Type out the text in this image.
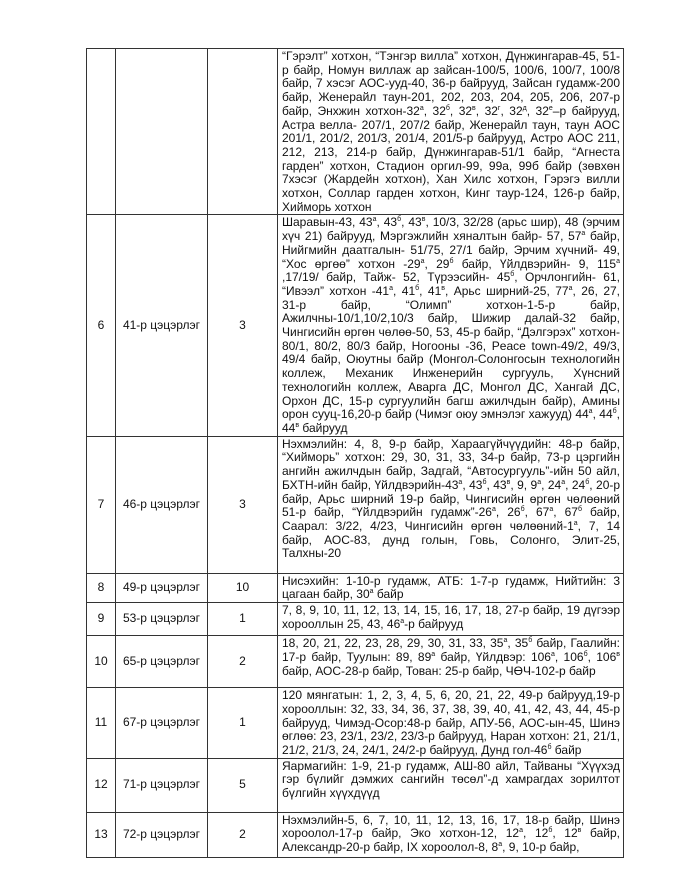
			“Гэрэлт” хотхон, “Тэнгэр вилла” хотхон, Дүнжингарав-45, 51-р байр, Номун виллаж ар зайсан-100/5, 100/6, 100/7, 100/8 байр, 7 хэсэг АОС-ууд-40, 36-р байрууд, Зайсан гудамж-200 байр, Женерайл таун-201, 202, 203, 204, 205, 206, 207-р байр, Энхжин хотхон-$32^а$, $32^б$, $32^в$, $32^г$, $32^д$, $32^е-р$ байрууд, Астра велла- 207/1, 207/2 байр, Женерайл таун, таун АОС 201/1, 201/2, 201/3, 201/4, 201/5-р байрууд, Астро АОС 211, 212, 213, 214-р байр, Дүнжингарав-51/1 байр, “Агнеста гарден” хотхон, Стадион оргил-99, 99а, 99б байр (зөвхөн 7хэсэг (Жардейн хотхон), Хан Хилс хотхон, Гэрэгэ вилли хотхон, Соллар гарден хотхон, Кинг таур-124, 126-р байр, Хийморь хотхон
6	41-р цэцэрлэг	3	Шаравын-43, $43^а$, $43^б$, $43^в$, 10/3, 32/28 (арьс шир), 48 (эрчим хүч 21) байрууд, Мэргэжлийн хяналтын байр- 57, $57^а$ байр, Нийгмийн даатгалын- 51/75, 27/1 байр, Эрчим хүчний- 49, “Хос өргөө” хотхон $-29^а$, $29^б$ байр, Үйлдвэрийн- 9, $115^а$ ,17/19/ байр, Тайж- 52, Түрээсийн- $45^б$, Орчлонгийн- 61, “Ивээл” хотхон $-41^а$, $41^б$, $41^в$, Арьс ширний-25, $77^а$, 26, 27, 31-р байр, “Олимп” хотхон-1-5-р байр, Ажилчны-10/1,10/2,10/3 байр, Шижир далай-32 байр, Чингисийн өргөн чөлөө-50, 53, 45-р байр, “Дэлгэрэх” хотхон- 80/1, 80/2, 80/3 байр, Ногооны -36, Peace town-49/2, 49/3, 49/4 байр, Оюутны байр (Монгол-Солонгосын технологийн коллеж, Механик Инженерийн сургууль, Хүнсний технологийн коллеж, Аварга ДС, Монгол ДС, Хангай ДС, Орхон ДС, 15-р сургуулийн багш ажилчдын байр), Амины орон сууц-16,20-р байр (Чимэг оюу эмнэлэг хажууд) $44^а$, $44^б$, $44^в$ байрууд
7	46-р цэцэрлэг	3	Нэхмэлийн: 4, 8, 9-р байр, Хараагүйчүүдийн: 48-р байр, “Хийморь” хотхон: 29, 30, 31, 33, 34-р байр, 73-р цэргийн ангийн ажилчдын байр, Задгай, “Автосургууль”-ийн 50 айл, БХТН-ийн байр, Үйлдвэрийн-$43^а$, $43^б$, $43^в$, 9, $9^а$, $24^а$, $24^б$, 20-р байр, Арьс ширний 19-р байр, Чингисийн өргөн чөлөөний 51-р байр, “Үйлдвэрийн $гудамж”-26^а$, $26^б$, $67^а$, $67^б$ байр, Саарал: 3/22, 4/23, Чингисийн өргөн чөлөөний-$1^а$, 7, 14 байр, АОС-83, дунд голын, Говь, Солонго, Элит-25, Талхны-20
8	49-р цэцэрлэг	10	Нисэхийн: 1-10-р гудамж, АТБ: 1-7-р гудамж, Нийтийн: 3 цагаан байр, $30^а$ байр
9	53-р цэцэрлэг	1	7, 8, 9, 10, 11, 12, 13, 14, 15, 16, 17, 18, 27-р байр, 19 дүгээр хорооллын 25, 43, $46^а-р$ байрууд
10	65-р цэцэрлэг	2	18, 20, 21, 22, 23, 28, 29, 30, 31, 33, $35^а$, $35^б$ байр, Гаалийн: 17-р байр, Туулын: 89, $89^а$ байр, Үйлдвэр: $106^а$, $106^б$, $106^в$ байр, АОС-28-р байр, Тован: 25-р байр, ЧӨЧ-102-р байр
11	67-р цэцэрлэг	1	120 мянгатын: 1, 2, 3, 4, 5, 6, 20, 21, 22, 49-р байрууд,19-р хорооллын: 32, 33, 34, 36, 37, 38, 39, 40, 41, 42, 43, 44, 45-р байрууд, Чимэд-Осор:48-р байр, АПУ-56, АОС-ын-45, Шинэ өглөө: 23, 23/1, 23/2, 23/3-р байрууд, Наран хотхон: 21, 21/1, 21/2, 21/3, 24, 24/1, 24/2-р байрууд, Дунд гол-$46^б$ байр
12	71-р цэцэрлэг	5	Яармагийн: 1-9, 21-р гудамж, АШ-80 айл, Тайваны “Хүүхэд гэр бүлийг дэмжих сангийн төсөл”-д хамрагдах зорилтот бүлгийн хүүхдүүд
13	72-р цэцэрлэг	2	Нэхмэлийн-5, 6, 7, 10, 11, 12, 13, 16, 17, 18-р байр, Шинэ хороолол-17-р байр, Эко хотхон-12, $12^а$, $12^б$, $12^в$ байр, Александр-20-р байр, IX хороолол-8, $8^а$, 9, 10-р байр,
